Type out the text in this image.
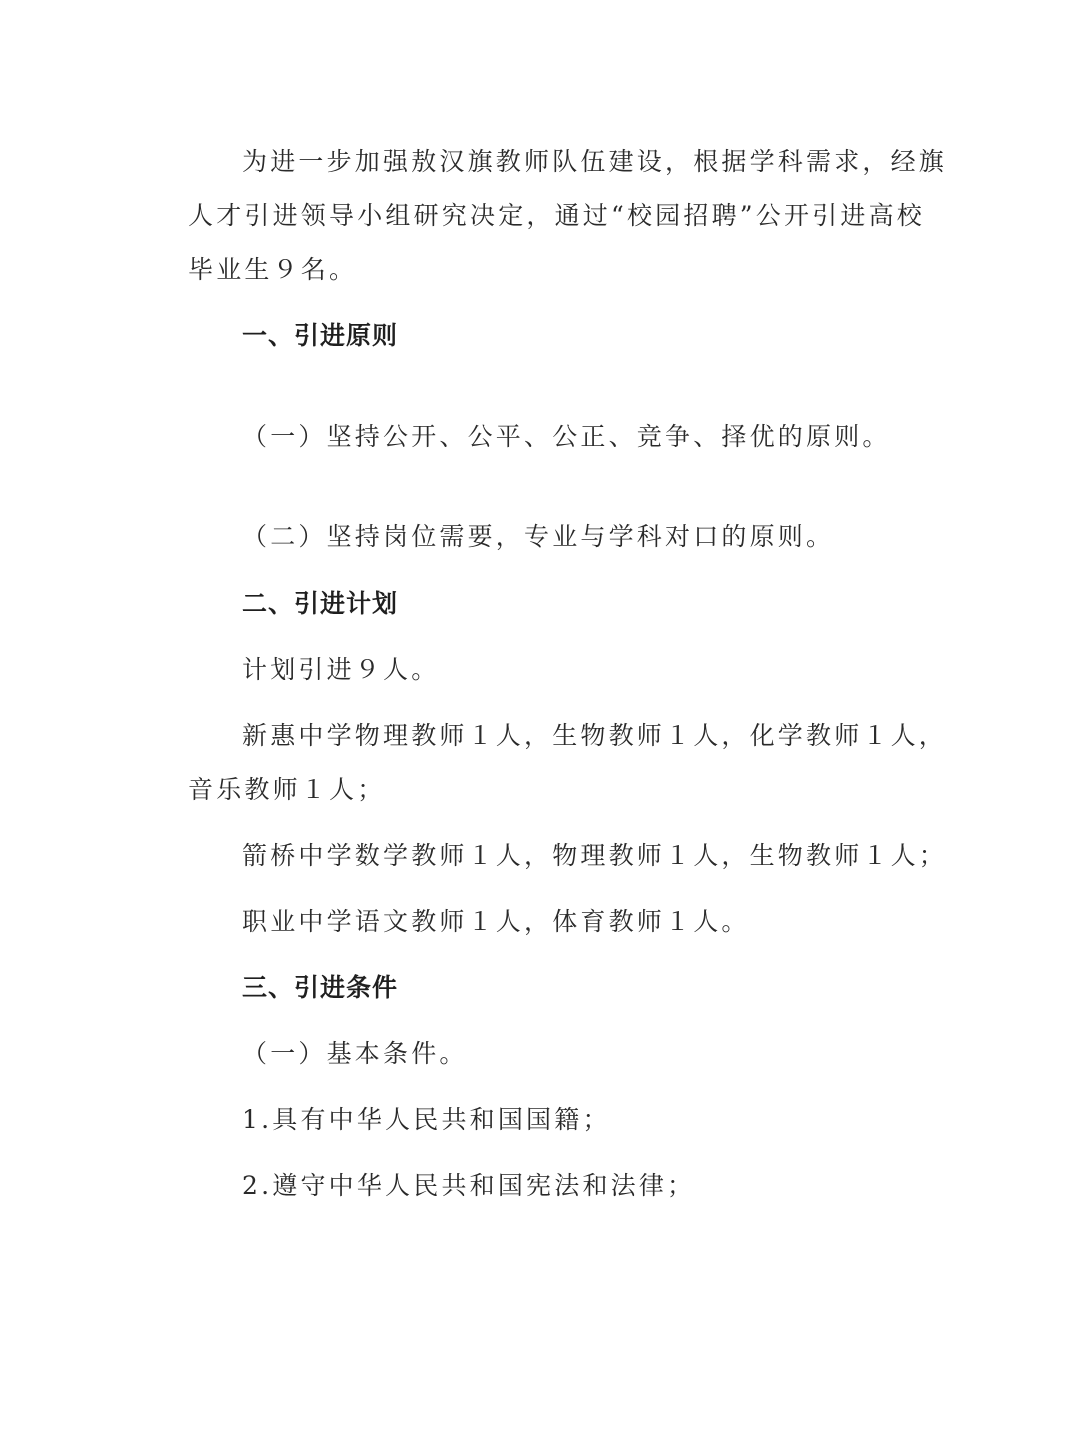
为进一步加强敖汉旗教师队伍建设，根据学科需求，经旗
人才引进领导小组研究决定，通过“校园招聘”公开引进高校
毕业生９名。
一、引进原则
（一）坚持公开、公平、公正、竞争、择优的原则。
（二）坚持岗位需要，专业与学科对口的原则。
二、引进计划
计划引进９人。
新惠中学物理教师１人，生物教师１人，化学教师１人，
音乐教师１人；
箭桥中学数学教师１人，物理教师１人，生物教师１人；
职业中学语文教师１人，体育教师１人。
三、引进条件
（一）基本条件。
1.具有中华人民共和国国籍；
2.遵守中华人民共和国宪法和法律；
